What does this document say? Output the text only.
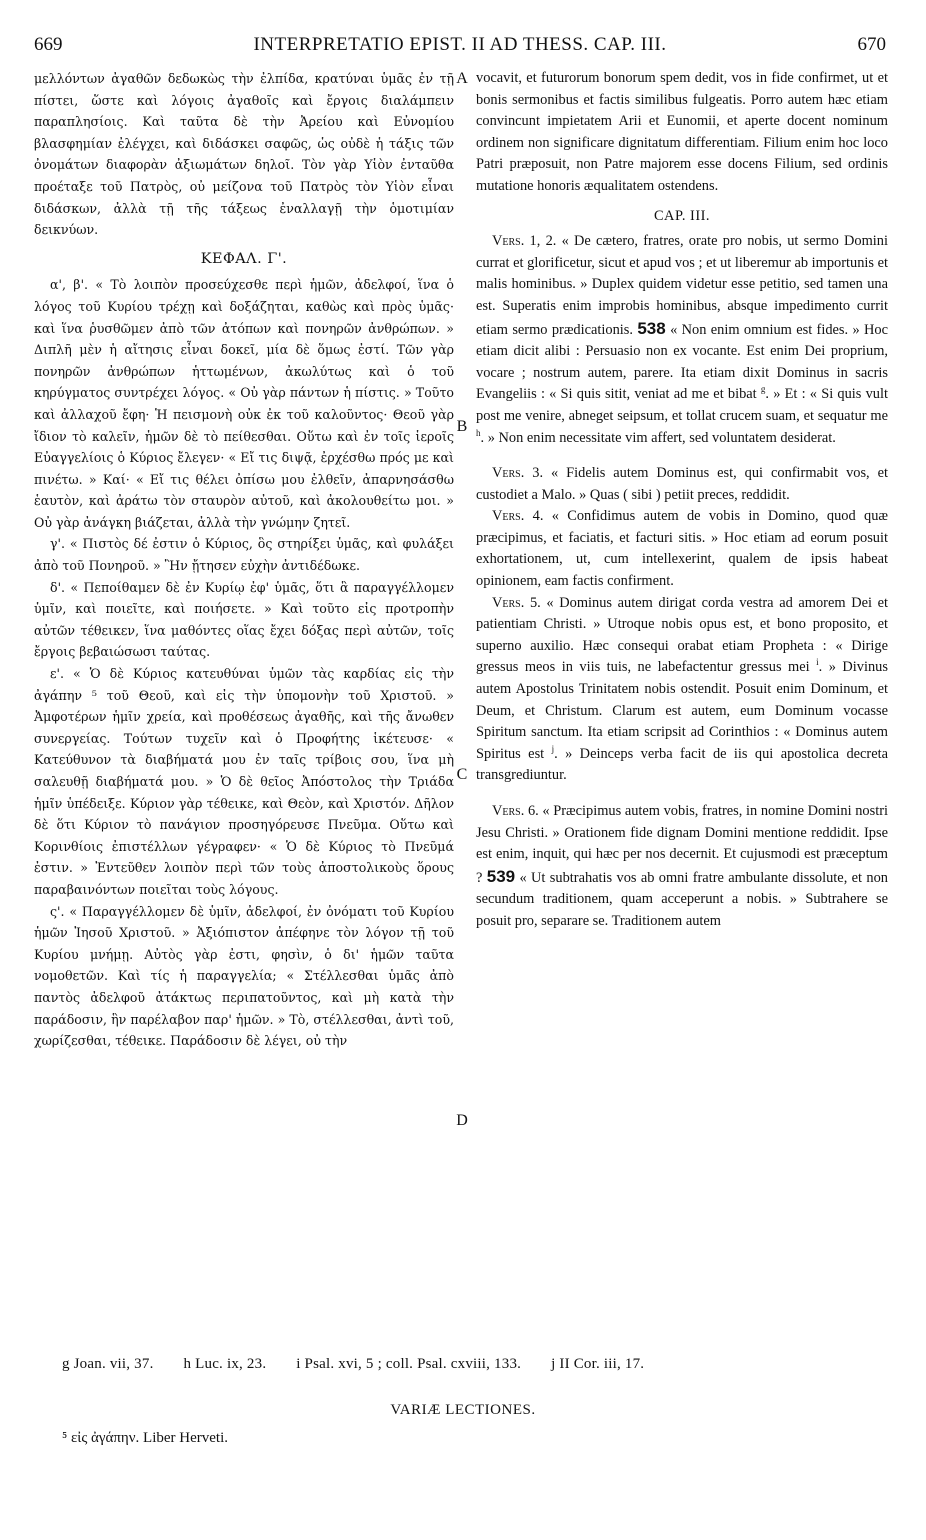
669	INTERPRETATIO EPIST. II AD THESS. CAP. III.	670

μελλόντων ἀγαθῶν δεδωκὼς τὴν ἐλπίδα, κρατύναι ὑμᾶς ἐν τῇ πίστει, ὥστε καὶ λόγοις ἀγαθοῖς καὶ ἔργοις διαλάμπειν παραπλησίοις. Καὶ ταῦτα δὲ τὴν Ἀρείου καὶ Εὐνομίου βλασφημίαν ἐλέγχει, καὶ διδάσκει σαφῶς, ὡς οὐδὲ ἡ τάξις τῶν ὀνομάτων διαφορὰν ἀξιωμάτων δηλοῖ. Τὸν γὰρ Υἱὸν ἐνταῦθα προέταξε τοῦ Πατρὸς, οὐ μείζονα τοῦ Πατρὸς τὸν Υἱὸν εἶναι διδάσκων, ἀλλὰ τῇ τῆς τάξεως ἐναλλαγῇ τὴν ὁμοτιμίαν δεικνύων.

ΚΕΦΑΛ. Γ'.

α', β'. « Τὸ λοιπὸν προσεύχεσθε περὶ ἡμῶν, ἀδελφοί, ἵνα ὁ λόγος τοῦ Κυρίου τρέχῃ καὶ δοξάζηται, καθὼς καὶ πρὸς ὑμᾶς· καὶ ἵνα ῥυσθῶμεν ἀπὸ τῶν ἀτόπων καὶ πονηρῶν ἀνθρώπων. » Διπλῆ μὲν ἡ αἴτησις εἶναι δοκεῖ, μία δὲ ὅμως ἐστί. Τῶν γὰρ πονηρῶν ἀνθρώπων ἡττωμένων, ἀκωλύτως καὶ ὁ τοῦ κηρύγματος συντρέχει λόγος. « Οὐ γὰρ πάντων ἡ πίστις. » Τοῦτο καὶ ἀλλαχοῦ ἔφη· Ἡ πεισμονὴ οὐκ ἐκ τοῦ καλοῦντος· Θεοῦ γὰρ ἴδιον τὸ καλεῖν, ἡμῶν δὲ τὸ πείθεσθαι. Οὕτω καὶ ἐν τοῖς ἱεροῖς Εὐαγγελίοις ὁ Κύριος ἔλεγεν· « Εἴ τις διψᾷ, ἐρχέσθω πρός με καὶ πινέτω. » Καί· « Εἴ τις θέλει ὀπίσω μου ἐλθεῖν, ἀπαρνησάσθω ἑαυτὸν, καὶ ἀράτω τὸν σταυρὸν αὐτοῦ, καὶ ἀκολουθείτω μοι. » Οὐ γὰρ ἀνάγκη βιάζεται, ἀλλὰ τὴν γνώμην ζητεῖ.

γ'. « Πιστὸς δέ ἐστιν ὁ Κύριος, ὃς στηρίξει ὑμᾶς, καὶ φυλάξει ἀπὸ τοῦ Πονηροῦ. » Ἣν ᾔτησεν εὐχὴν ἀντιδέδωκε.

δ'. « Πεποίθαμεν δὲ ἐν Κυρίῳ ἐφ' ὑμᾶς, ὅτι ἃ παραγγέλλομεν ὑμῖν, καὶ ποιεῖτε, καὶ ποιήσετε. » Καὶ τοῦτο εἰς προτροπὴν αὐτῶν τέθεικεν, ἵνα μαθόντες οἵας ἔχει δόξας περὶ αὐτῶν, τοῖς ἔργοις βεβαιώσωσι ταύτας.

ε'. « Ὁ δὲ Κύριος κατευθύναι ὑμῶν τὰς καρδίας εἰς τὴν ἀγάπην ⁵ τοῦ Θεοῦ, καὶ εἰς τὴν ὑπομονὴν τοῦ Χριστοῦ. » Ἀμφοτέρων ἡμῖν χρεία, καὶ προθέσεως ἀγαθῆς, καὶ τῆς ἄνωθεν συνεργείας. Τούτων τυχεῖν καὶ ὁ Προφήτης ἱκέτευσε· « Κατεύθυνον τὰ διαβήματά μου ἐν ταῖς τρίβοις σου, ἵνα μὴ σαλευθῇ διαβήματά μου. » Ὁ δὲ θεῖος Ἀπόστολος τὴν Τριάδα ἡμῖν ὑπέδειξε. Κύριον γὰρ τέθεικε, καὶ Θεὸν, καὶ Χριστόν. Δῆλον δὲ ὅτι Κύριον τὸ πανάγιον προσηγόρευσε Πνεῦμα. Οὕτω καὶ Κορινθίοις ἐπιστέλλων γέγραφεν· « Ὁ δὲ Κύριος τὸ Πνεῦμά ἐστιν. » Ἐντεῦθεν λοιπὸν περὶ τῶν τοὺς ἀποστολικοὺς ὅρους παραβαινόντων ποιεῖται τοὺς λόγους.

ς'. « Παραγγέλλομεν δὲ ὑμῖν, ἀδελφοί, ἐν ὀνόματι τοῦ Κυρίου ἡμῶν Ἰησοῦ Χριστοῦ. » Ἀξιόπιστον ἀπέφηνε τὸν λόγον τῇ τοῦ Κυρίου μνήμῃ. Αὐτὸς γὰρ ἐστι, φησὶν, ὁ δι' ἡμῶν ταῦτα νομοθετῶν. Καὶ τίς ἡ παραγγελία; « Στέλλεσθαι ὑμᾶς ἀπὸ παντὸς ἀδελφοῦ ἀτάκτως περιπατοῦντος, καὶ μὴ κατὰ τὴν παράδοσιν, ἣν παρέλαβον παρ' ἡμῶν. » Τὸ, στέλλεσθαι, ἀντὶ τοῦ, χωρίζεσθαι, τέθεικε. Παράδοσιν δὲ λέγει, οὐ τὴν

A
B
C
D

vocavit, et futurorum bonorum spem dedit, vos in fide confirmet, ut et bonis sermonibus et factis similibus fulgeatis. Porro autem hæc etiam convincunt impietatem Arii et Eunomii, et aperte docent nominum ordinem non significare dignitatum differentiam. Filium enim hoc loco Patri præposuit, non Patre majorem esse docens Filium, sed ordinis mutatione honoris æqualitatem ostendens.

CAP. III.

Vers. 1, 2. « De cætero, fratres, orate pro nobis, ut sermo Domini currat et glorificetur, sicut et apud vos ; et ut liberemur ab importunis et malis hominibus. » Duplex quidem videtur esse petitio, sed tamen una est. Superatis enim improbis hominibus, absque impedimento currit etiam sermo prædicationis. 538 « Non enim omnium est fides. » Hoc etiam dicit alibi : Persuasio non ex vocante. Est enim Dei proprium, vocare ; nostrum autem, parere. Ita etiam dixit Dominus in sacris Evangeliis : « Si quis sitit, veniat ad me et bibat $^g$. » Et : « Si quis vult post me venire, abneget seipsum, et tollat crucem suam, et sequatur me $^h$. » Non enim necessitate vim affert, sed voluntatem desiderat.

Vers. 3. « Fidelis autem Dominus est, qui confirmabit vos, et custodiet a Malo. » Quas ( sibi ) petiit preces, reddidit.

Vers. 4. « Confidimus autem de vobis in Domino, quod quæ præcipimus, et faciatis, et facturi sitis. » Hoc etiam ad eorum posuit exhortationem, ut, cum intellexerint, qualem de ipsis habeat opinionem, eam factis confirment.

Vers. 5. « Dominus autem dirigat corda vestra ad amorem Dei et patientiam Christi. » Utroque nobis opus est, et bono proposito, et superno auxilio. Hæc consequi orabat etiam Propheta : « Dirige gressus meos in viis tuis, ne labefactentur gressus mei $^i$. » Divinus autem Apostolus Trinitatem nobis ostendit. Posuit enim Dominum, et Deum, et Christum. Clarum est autem, eum Dominum vocasse Spiritum sanctum. Ita etiam scripsit ad Corinthios : « Dominus autem Spiritus est $^j$. » Deinceps verba facit de iis qui apostolica decreta transgrediuntur.

Vers. 6. « Præcipimus autem vobis, fratres, in nomine Domini nostri Jesu Christi. » Orationem fide dignam Domini mentione reddidit. Ipse est enim, inquit, qui hæc per nos decernit. Et cujusmodi est præceptum ? 539 « Ut subtrahatis vos ab omni fratre ambulante dissolute, et non secundum traditionem, quam acceperunt a nobis. » Subtrahere se posuit pro, separare se. Traditionem autem

g Joan. vii, 37. h Luc. ix, 23. i Psal. xvi, 5 ; coll. Psal. cxviii, 133. j II Cor. iii, 17.
VARIÆ LECTIONES.
⁵ εἰς ἀγάπην. Liber Herveti.
